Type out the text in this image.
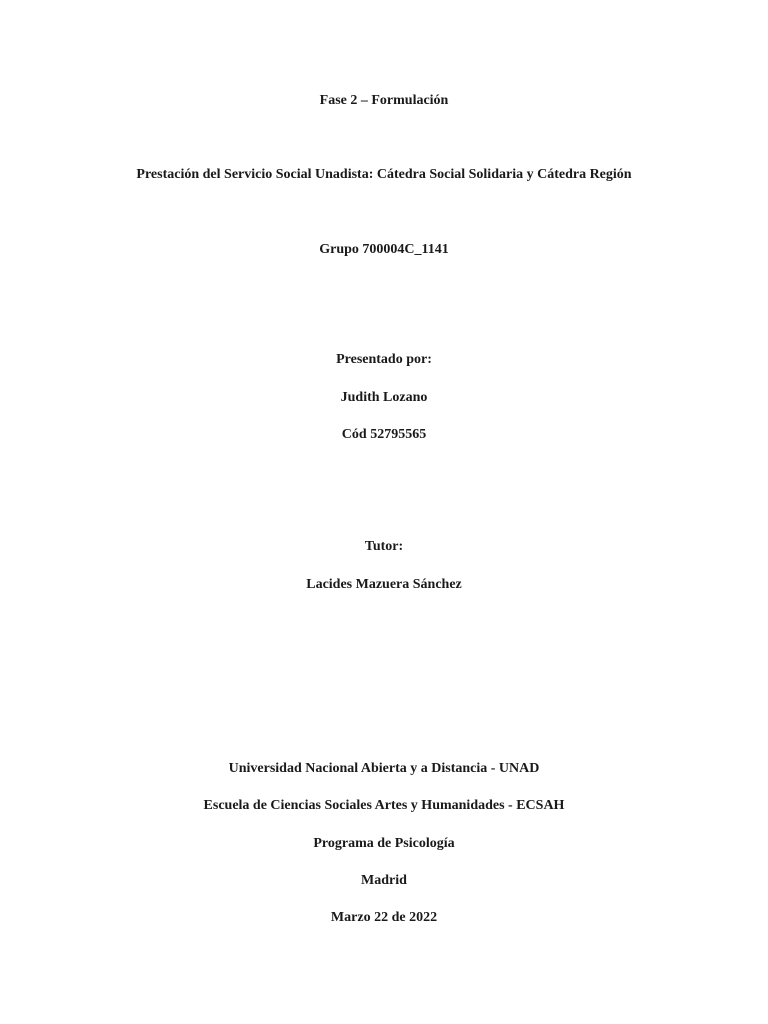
Fase 2 – Formulación
Prestación del Servicio Social Unadista: Cátedra Social Solidaria y Cátedra Región
Grupo 700004C_1141
Presentado por:
Judith Lozano
Cód 52795565
Tutor:
Lacides Mazuera Sánchez
Universidad Nacional Abierta y a Distancia - UNAD
Escuela de Ciencias Sociales Artes y Humanidades - ECSAH
Programa de Psicología
Madrid
Marzo 22 de 2022
